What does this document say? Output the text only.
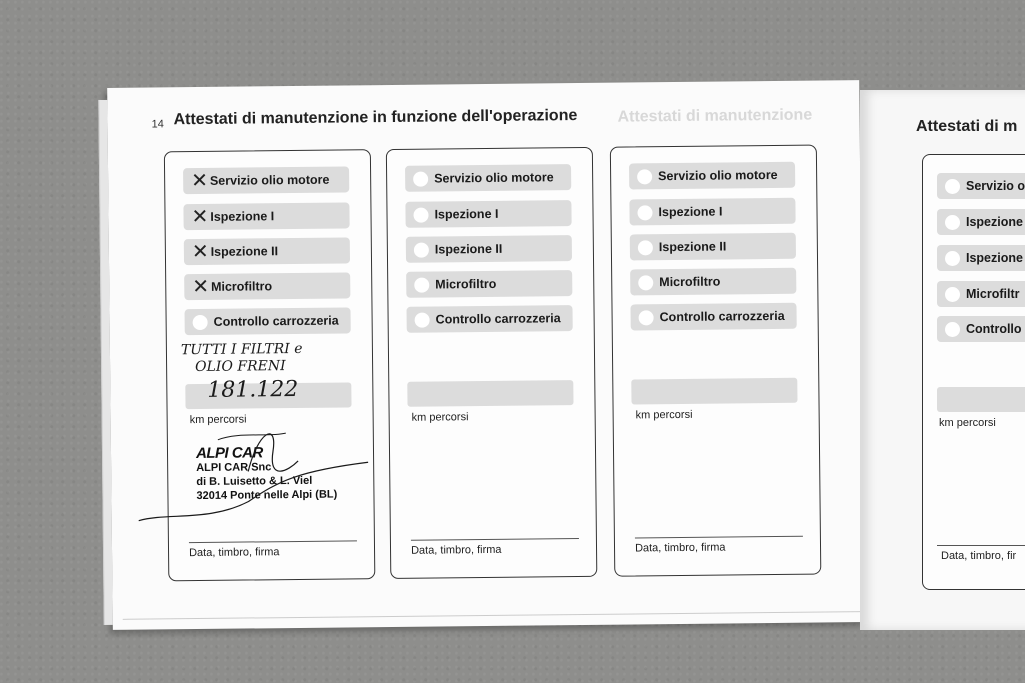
14 Attestati di manutenzione in funzione dell'operazione	Attestati di manutenzione
✕ Servizio olio motore
✕ Ispezione I
✕ Ispezione II
✕ Microfiltro
Controllo carrozzeria
TUTTI I FILTRI e
OLIO FRENI
181.122
km percorsi
ALPI CAR
ALPI CAR Snc
di B. Luisetto & L. Viel
32014 Ponte nelle Alpi (BL)
Data, timbro, firma
Servizio olio motore
Ispezione I
Ispezione II
Microfiltro
Controllo carrozzeria
km percorsi
Data, timbro, firma
Servizio olio motore
Ispezione I
Ispezione II
Microfiltro
Controllo carrozzeria
km percorsi
Data, timbro, firma
Attestati di m
Servizio o
Ispezione
Ispezione
Microfiltr
Controllo
km percorsi
Data, timbro, fir
